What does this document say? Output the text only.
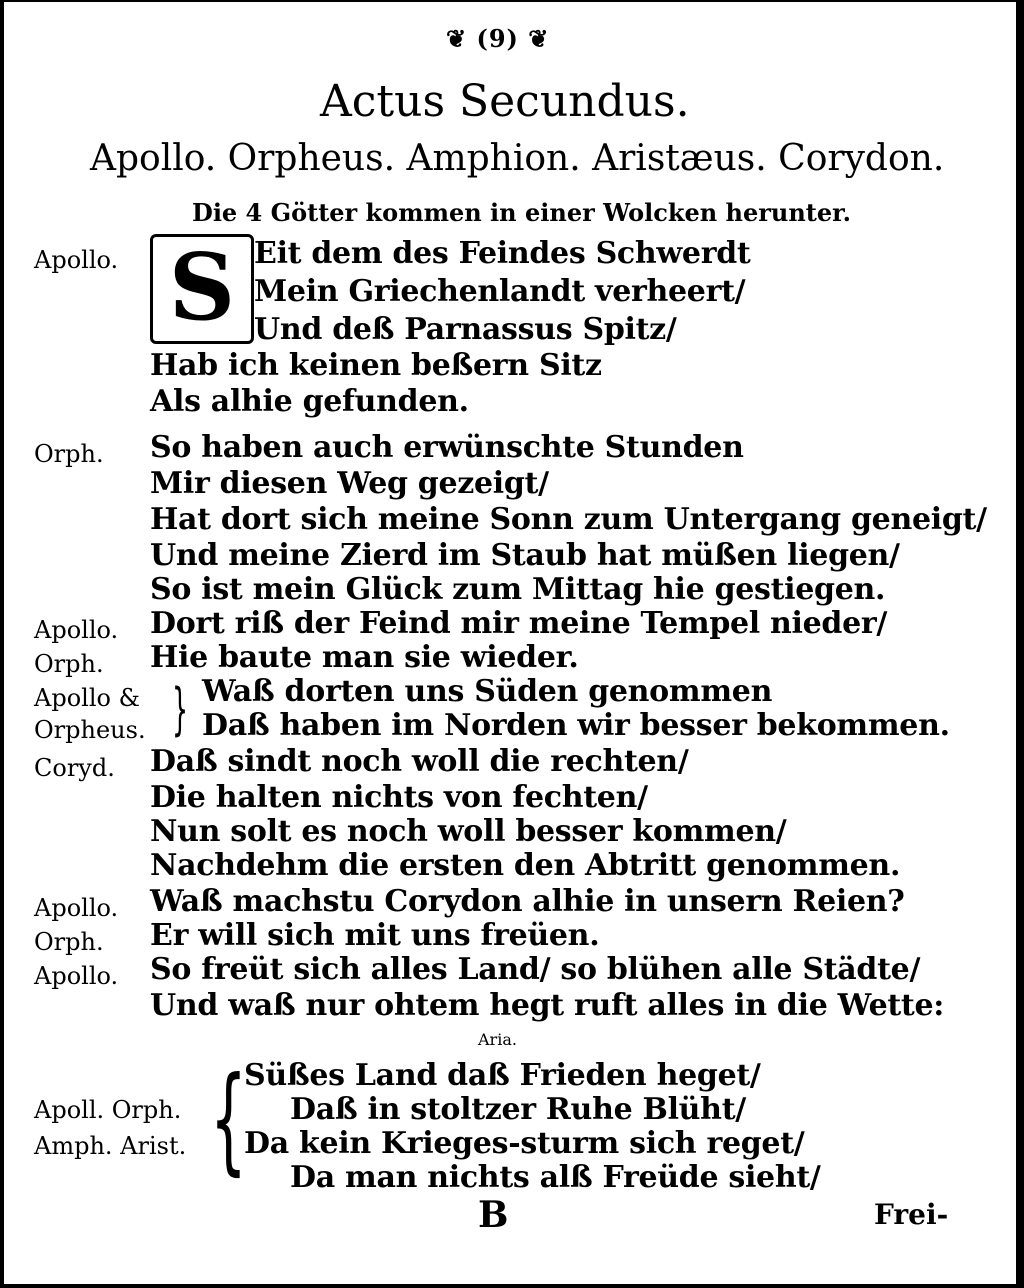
❦ (9) ❦
Actus Secundus.
Apollo. Orpheus. Amphion. Aristæus. Corydon.
Die 4 Götter kommen in einer Wolcken herunter.
Apollo. S Eit dem des Feindes Schwerdt
Mein Griechenlandt verheert/
Und deß Parnassus Spitz/
Hab ich keinen beßern Sitz
Als alhie gefunden.
Orph. So haben auch erwünschte Stunden
Mir diesen Weg gezeigt/
Hat dort sich meine Sonn zum Untergang geneigt/
Und meine Zierd im Staub hat müßen liegen/
So ist mein Glück zum Mittag hie gestiegen.
Apollo. Dort riß der Feind mir meine Tempel nieder/
Orph. Hie baute man sie wieder.
Apollo &
Orpheus. } Waß dorten uns Süden genommen
Daß haben im Norden wir besser bekommen.
Coryd. Daß sindt noch woll die rechten/
Die halten nichts von fechten/
Nun solt es noch woll besser kommen/
Nachdehm die ersten den Abtritt genommen.
Apollo. Waß machstu Corydon alhie in unsern Reien?
Orph. Er will sich mit uns freüen.
Apollo. So freüt sich alles Land/ so blühen alle Städte/
Und waß nur ohtem hegt ruft alles in die Wette:
Aria.
Apoll. Orph.
Amph. Arist. {
Süßes Land daß Frieden heget/
Daß in stoltzer Ruhe Blüht/
Da kein Krieges-sturm sich reget/
Da man nichts alß Freüde sieht/
B	Frei-
